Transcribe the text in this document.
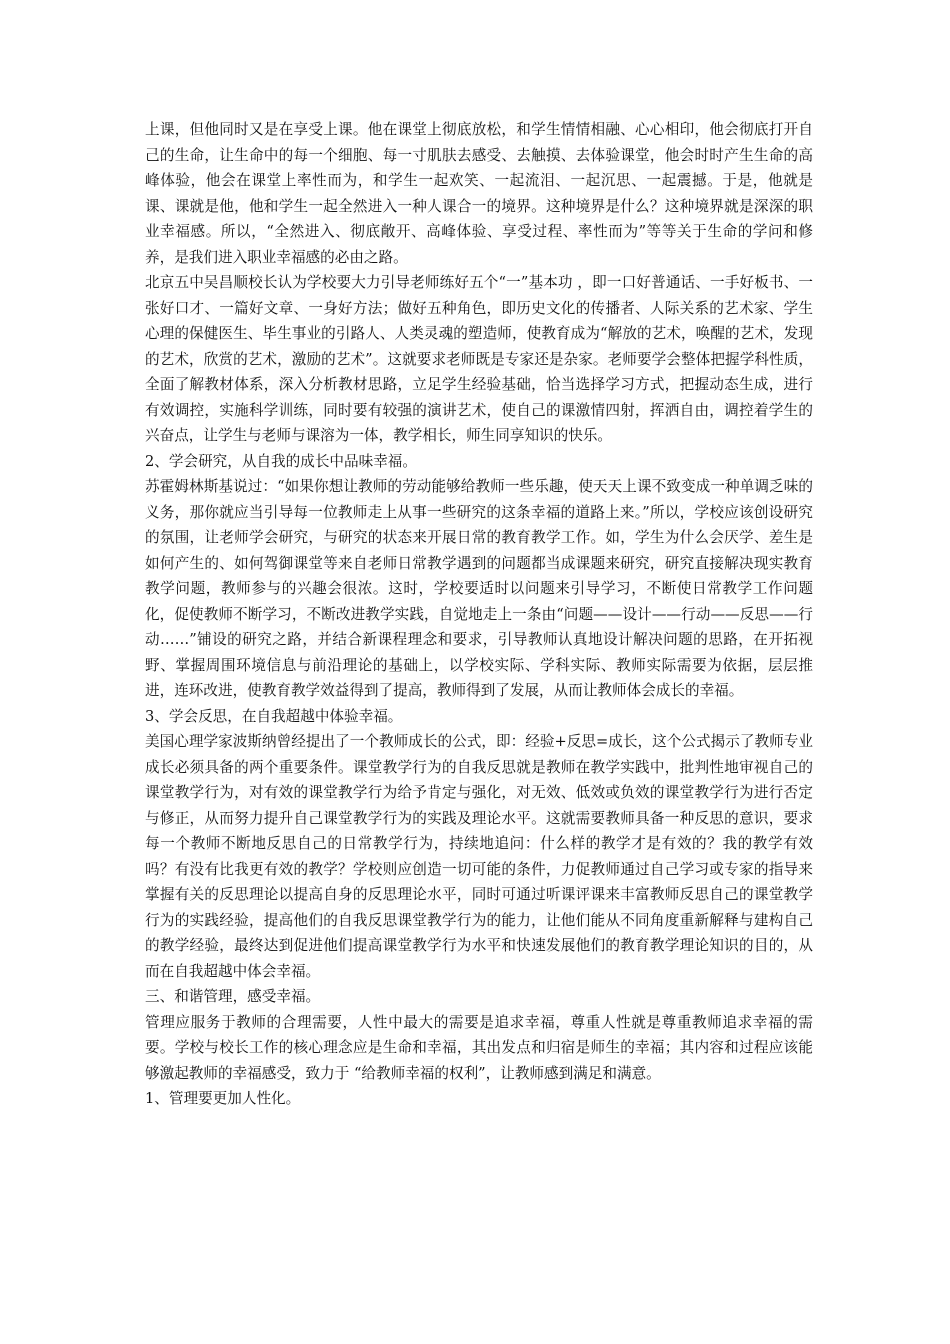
上课，但他同时又是在享受上课。他在课堂上彻底放松，和学生情情相融、心心相印，他会彻底打开自己的生命，让生命中的每一个细胞、每一寸肌肤去感受、去触摸、去体验课堂，他会时时产生生命的高峰体验，他会在课堂上率性而为，和学生一起欢笑、一起流泪、一起沉思、一起震撼。于是，他就是课、课就是他，他和学生一起全然进入一种人课合一的境界。这种境界是什么？这种境界就是深深的职业幸福感。所以，“全然进入、彻底敞开、高峰体验、享受过程、率性而为”等等关于生命的学问和修养，是我们进入职业幸福感的必由之路。

北京五中吴昌顺校长认为学校要大力引导老师练好五个“一”基本功 ，即一口好普通话、一手好板书、一张好口才、一篇好文章、一身好方法；做好五种角色，即历史文化的传播者、人际关系的艺术家、学生心理的保健医生、毕生事业的引路人、人类灵魂的塑造师，使教育成为“解放的艺术，唤醒的艺术，发现的艺术，欣赏的艺术，激励的艺术”。这就要求老师既是专家还是杂家。老师要学会整体把握学科性质，全面了解教材体系，深入分析教材思路，立足学生经验基础，恰当选择学习方式，把握动态生成，进行有效调控，实施科学训练，同时要有较强的演讲艺术，使自己的课激情四射，挥洒自由，调控着学生的兴奋点，让学生与老师与课溶为一体，教学相长，师生同享知识的快乐。

2、学会研究，从自我的成长中品味幸福。

苏霍姆林斯基说过：“如果你想让教师的劳动能够给教师一些乐趣，使天天上课不致变成一种单调乏味的义务，那你就应当引导每一位教师走上从事一些研究的这条幸福的道路上来。”所以，学校应该创设研究的氛围，让老师学会研究，与研究的状态来开展日常的教育教学工作。如，学生为什么会厌学、差生是如何产生的、如何驾御课堂等来自老师日常教学遇到的问题都当成课题来研究，研究直接解决现实教育教学问题，教师参与的兴趣会很浓。这时，学校要适时以问题来引导学习，不断使日常教学工作问题化，促使教师不断学习，不断改进教学实践，自觉地走上一条由“问题——设计——行动——反思——行动……”铺设的研究之路，并结合新课程理念和要求，引导教师认真地设计解决问题的思路，在开拓视野、掌握周围环境信息与前沿理论的基础上，以学校实际、学科实际、教师实际需要为依据，层层推进，连环改进，使教育教学效益得到了提高，教师得到了发展，从而让教师体会成长的幸福。

3、学会反思，在自我超越中体验幸福。

美国心理学家波斯纳曾经提出了一个教师成长的公式，即：经验+反思=成长，这个公式揭示了教师专业成长必须具备的两个重要条件。课堂教学行为的自我反思就是教师在教学实践中，批判性地审视自己的课堂教学行为，对有效的课堂教学行为给予肯定与强化，对无效、低效或负效的课堂教学行为进行否定与修正，从而努力提升自己课堂教学行为的实践及理论水平。这就需要教师具备一种反思的意识，要求每一个教师不断地反思自己的日常教学行为，持续地追问：什么样的教学才是有效的？我的教学有效吗？有没有比我更有效的教学？学校则应创造一切可能的条件，力促教师通过自己学习或专家的指导来掌握有关的反思理论以提高自身的反思理论水平，同时可通过听课评课来丰富教师反思自己的课堂教学行为的实践经验，提高他们的自我反思课堂教学行为的能力，让他们能从不同角度重新解释与建构自己的教学经验，最终达到促进他们提高课堂教学行为水平和快速发展他们的教育教学理论知识的目的，从而在自我超越中体会幸福。

三、和谐管理，感受幸福。

管理应服务于教师的合理需要，人性中最大的需要是追求幸福，尊重人性就是尊重教师追求幸福的需要。学校与校长工作的核心理念应是生命和幸福，其出发点和归宿是师生的幸福；其内容和过程应该能够激起教师的幸福感受，致力于 “给教师幸福的权利”，让教师感到满足和满意。

1、管理要更加人性化。
